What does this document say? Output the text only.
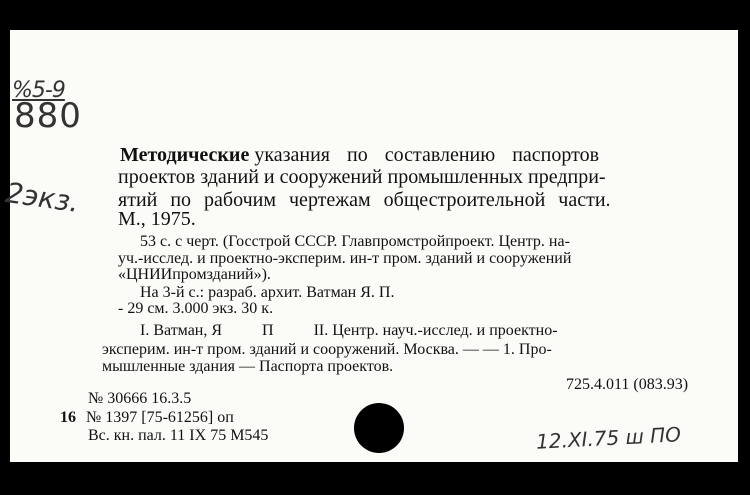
%5-9
880
2экз.
Методические указания по составлению паспортов
проектов зданий и сооружений промышленных предпри-
ятий по рабочим чертежам общестроительной части.
М., 1975.
53 с. с черт. (Госстрой СССР. Главпромстройпроект. Центр. на-
уч.-исслед. и проектно-эксперим. ин-т пром. зданий и сооружений
«ЦНИИпромзданий»).
На 3-й с.: разраб. архит. Ватман Я. П.
- 29 см. 3.000 экз. 30 к.
I. Ватман, Я          П          II. Центр. науч.-исслед. и проектно-
эксперим. ин-т пром. зданий и сооружений. Москва. — — 1. Про-
мышленные здания — Паспорта проектов.
725.4.011 (083.93)
№ 30666 16.3.5
16 № 1397 [75-61256] оп
Вс. кн. пал. 11 IX 75 М545	12.XI.75 ш ПО
